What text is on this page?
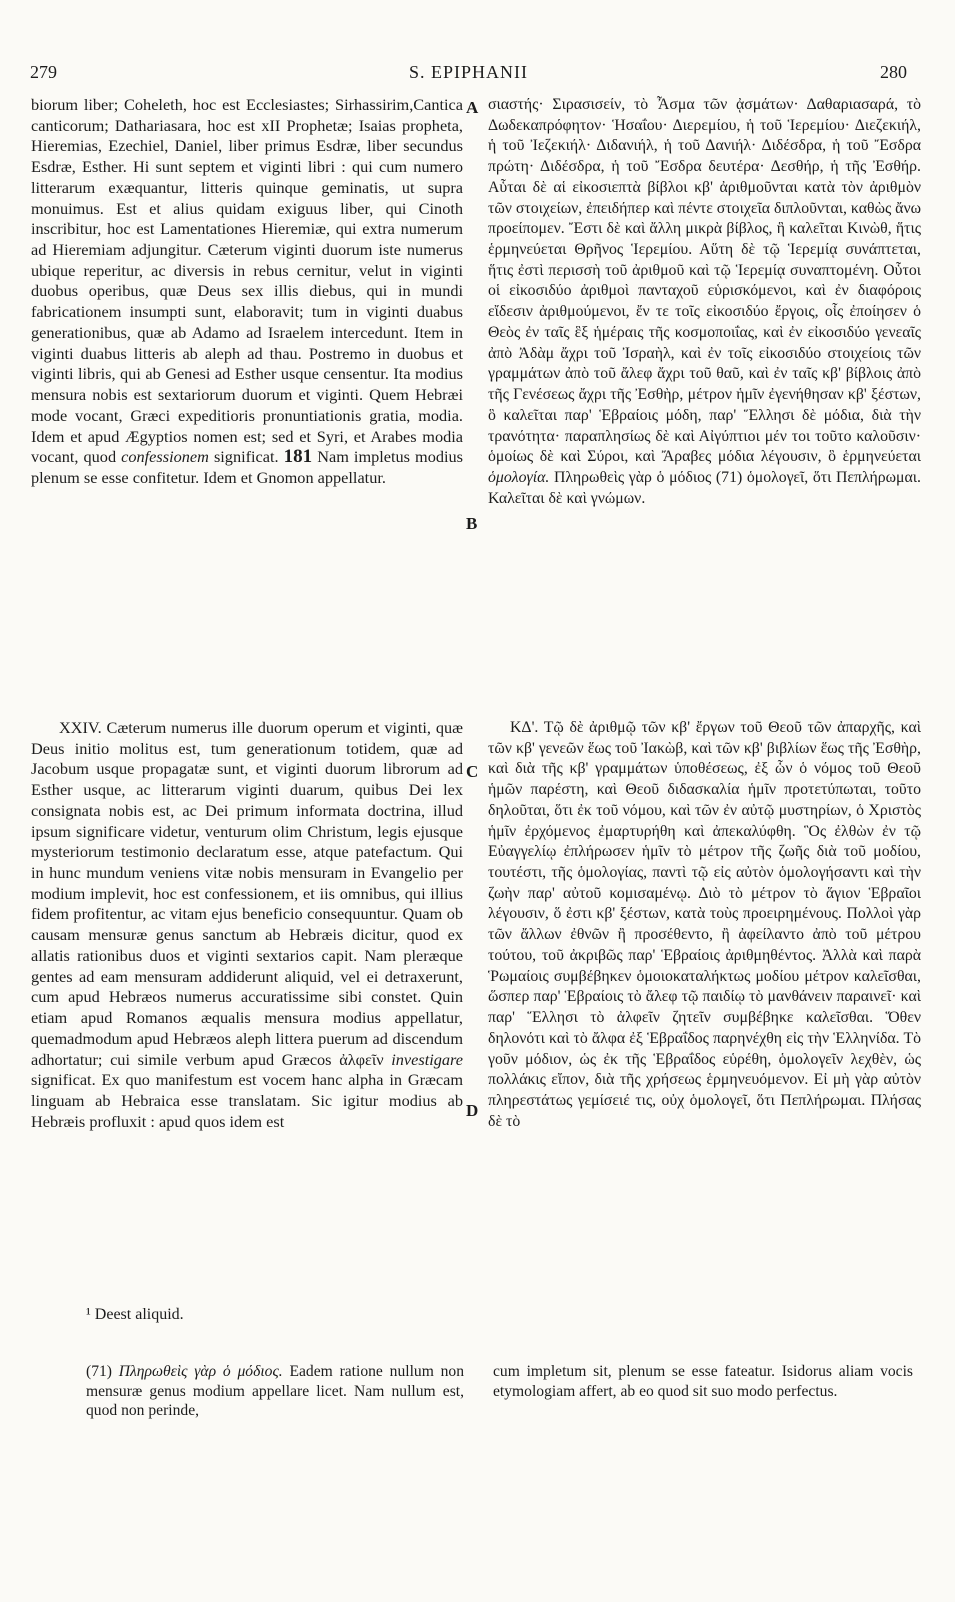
279	S. EPIPHANII	280
A
B
C
D

biorum liber; Coheleth, hoc est Ecclesiastes; Sirhassirim,Cantica canticorum; Dathariasara, hoc est xII Prophetæ; Isaias propheta, Hieremias, Ezechiel, Daniel, liber primus Esdræ, liber secundus Esdræ, Esther. Hi sunt septem et viginti libri : qui cum numero litterarum exæquantur, litteris quinque geminatis, ut supra monuimus. Est et alius quidam exiguus liber, qui Cinoth inscribitur, hoc est Lamentationes Hieremiæ, qui extra numerum ad Hieremiam adjungitur. Cæterum viginti duorum iste numerus ubique reperitur, ac diversis in rebus cernitur, velut in viginti duobus operibus, quæ Deus sex illis diebus, qui in mundi fabricationem insumpti sunt, elaboravit; tum in viginti duabus generationibus, quæ ab Adamo ad Israelem intercedunt. Item in viginti duabus litteris ab aleph ad thau. Postremo in duobus et viginti libris, qui ab Genesi ad Esther usque censentur. Ita modius mensura nobis est sextariorum duorum et viginti. Quem Hebræi mode vocant, Græci expeditioris pronuntiationis gratia, modia. Idem et apud Ægyptios nomen est; sed et Syri, et Arabes modia vocant, quod confessionem significat. 181 Nam impletus modius plenum se esse confitetur. Idem et Gnomon appellatur.

σιαστής· Σιρασισείν, τὸ Ἆσμα τῶν ᾀσμάτων· Δαθαριασαρά, τὸ Δωδεκαπρόφητον· Ἡσαΐου· Διερεμίου, ἡ τοῦ Ἱερεμίου· Διεζεκιήλ, ἡ τοῦ Ἰεζεκιήλ· Διδανιήλ, ἡ τοῦ Δανιήλ· Διδέσδρα, ἡ τοῦ Ἔσδρα πρώτη· Διδέσδρα, ἡ τοῦ Ἔσδρα δευτέρα· Δεσθήρ, ἡ τῆς Ἐσθήρ. Αὗται δὲ αἱ εἰκοσιεπτὰ βίβλοι κβ' ἀριθμοῦνται κατὰ τὸν ἀριθμὸν τῶν στοιχείων, ἐπειδήπερ καὶ πέντε στοιχεῖα διπλοῦνται, καθὼς ἄνω προείπομεν. Ἔστι δὲ καὶ ἄλλη μικρὰ βίβλος, ἣ καλεῖται Κινὼθ, ἥτις ἑρμηνεύεται Θρῆνος Ἱερεμίου. Αὕτη δὲ τῷ Ἱερεμίᾳ συνάπτεται, ἥτις ἐστὶ περισσὴ τοῦ ἀριθμοῦ καὶ τῷ Ἱερεμίᾳ συναπτομένη. Οὗτοι οἱ εἰκοσιδύο ἀριθμοὶ πανταχοῦ εὑρισκόμενοι, καὶ ἐν διαφόροις εἴδεσιν ἀριθμούμενοι, ἔν τε τοῖς εἰκοσιδύο ἔργοις, οἷς ἐποίησεν ὁ Θεὸς ἐν ταῖς ἓξ ἡμέραις τῆς κοσμοποιΐας, καὶ ἐν εἰκοσιδύο γενεαῖς ἀπὸ Ἀδὰμ ἄχρι τοῦ Ἰσραὴλ, καὶ ἐν τοῖς εἰκοσιδύο στοιχείοις τῶν γραμμάτων ἀπὸ τοῦ ἄλεφ ἄχρι τοῦ θαῦ, καὶ ἐν ταῖς κβ' βίβλοις ἀπὸ τῆς Γενέσεως ἄχρι τῆς Ἐσθὴρ, μέτρον ἡμῖν ἐγενήθησαν κβ' ξέστων, ὃ καλεῖται παρ' Ἑβραίοις μόδη, παρ' Ἕλλησι δὲ μόδια, διὰ τὴν τρανότητα· παραπλησίως δὲ καὶ Αἰγύπτιοι μέν τοι τοῦτο καλοῦσιν· ὁμοίως δὲ καὶ Σύροι, καὶ Ἄραβες μόδια λέγουσιν, ὃ ἑρμηνεύεται ὁμολογία. Πληρωθεὶς γὰρ ὁ μόδιος (71) ὁμολογεῖ, ὅτι Πεπλήρωμαι. Καλεῖται δὲ καὶ γνώμων.

XXIV. Cæterum numerus ille duorum operum et viginti, quæ Deus initio molitus est, tum generationum totidem, quæ ad Jacobum usque propagatæ sunt, et viginti duorum librorum ad Esther usque, ac litterarum viginti duarum, quibus Dei lex consignata nobis est, ac Dei primum informata doctrina, illud ipsum significare videtur, venturum olim Christum, legis ejusque mysteriorum testimonio declaratum esse, atque patefactum. Qui in hunc mundum veniens vitæ nobis mensuram in Evangelio per modium implevit, hoc est confessionem, et iis omnibus, qui illius fidem profitentur, ac vitam ejus beneficio consequuntur. Quam ob causam mensuræ genus sanctum ab Hebræis dicitur, quod ex allatis rationibus duos et viginti sextarios capit. Nam pleræque gentes ad eam mensuram addiderunt aliquid, vel ei detraxerunt, cum apud Hebræos numerus accuratissime sibi constet. Quin etiam apud Romanos æqualis mensura modius appellatur, quemadmodum apud Hebræos aleph littera puerum ad discendum adhortatur; cui simile verbum apud Græcos ἀλφεῖν investigare significat. Ex quo manifestum est vocem hanc alpha in Græcam linguam ab Hebraica esse translatam. Sic igitur modius ab Hebræis profluxit : apud quos idem est

ΚΔ'. Τῷ δὲ ἀριθμῷ τῶν κβ' ἔργων τοῦ Θεοῦ τῶν ἀπαρχῆς, καὶ τῶν κβ' γενεῶν ἕως τοῦ Ἰακὼβ, καὶ τῶν κβ' βιβλίων ἕως τῆς Ἐσθὴρ, καὶ διὰ τῆς κβ' γραμμάτων ὑποθέσεως, ἐξ ὧν ὁ νόμος τοῦ Θεοῦ ἡμῶν παρέστη, καὶ Θεοῦ διδασκαλία ἡμῖν προτετύπωται, τοῦτο δηλοῦται, ὅτι ἐκ τοῦ νόμου, καὶ τῶν ἐν αὐτῷ μυστηρίων, ὁ Χριστὸς ἡμῖν ἐρχόμενος ἐμαρτυρήθη καὶ ἀπεκαλύφθη. Ὃς ἐλθὼν ἐν τῷ Εὐαγγελίῳ ἐπλήρωσεν ἡμῖν τὸ μέτρον τῆς ζωῆς διὰ τοῦ μοδίου, τουτέστι, τῆς ὁμολογίας, παντὶ τῷ εἰς αὐτὸν ὁμολογήσαντι καὶ τὴν ζωὴν παρ' αὐτοῦ κομισαμένῳ. Διὸ τὸ μέτρον τὸ ἅγιον Ἑβραῖοι λέγουσιν, ὅ ἐστι κβ' ξέστων, κατὰ τοὺς προειρημένους. Πολλοὶ γὰρ τῶν ἄλλων ἐθνῶν ἢ προσέθεντο, ἢ ἀφείλαντο ἀπὸ τοῦ μέτρου τούτου, τοῦ ἀκριβῶς παρ' Ἑβραίοις ἀριθμηθέντος. Ἀλλὰ καὶ παρὰ Ῥωμαίοις συμβέβηκεν ὁμοιοκαταλήκτως μοδίου μέτρον καλεῖσθαι, ὥσπερ παρ' Ἑβραίοις τὸ ἄλεφ τῷ παιδίῳ τὸ μανθάνειν παραινεῖ· καὶ παρ' Ἕλλησι τὸ ἀλφεῖν ζητεῖν συμβέβηκε καλεῖσθαι. Ὅθεν δηλονότι καὶ τὸ ἄλφα ἐξ Ἑβραΐδος παρηνέχθη εἰς τὴν Ἑλληνίδα. Τὸ γοῦν μόδιον, ὡς ἐκ τῆς Ἑβραΐδος εὑρέθη, ὁμολογεῖν λεχθὲν, ὡς πολλάκις εἴπον, διὰ τῆς χρήσεως ἑρμηνευόμενον. Εἰ μὴ γὰρ αὐτὸν πληρεστάτως γεμίσειέ τις, οὐχ ὁμολογεῖ, ὅτι Πεπλήρωμαι. Πλήσας δὲ τὸ

¹ Deest aliquid.
(71) Πληρωθεὶς γὰρ ὁ μόδιος. Eadem ratione nullum non mensuræ genus modium appellare licet. Nam nullum est, quod non perinde,
cum impletum sit, plenum se esse fateatur. Isidorus aliam vocis etymologiam affert, ab eo quod sit suo modo perfectus.
